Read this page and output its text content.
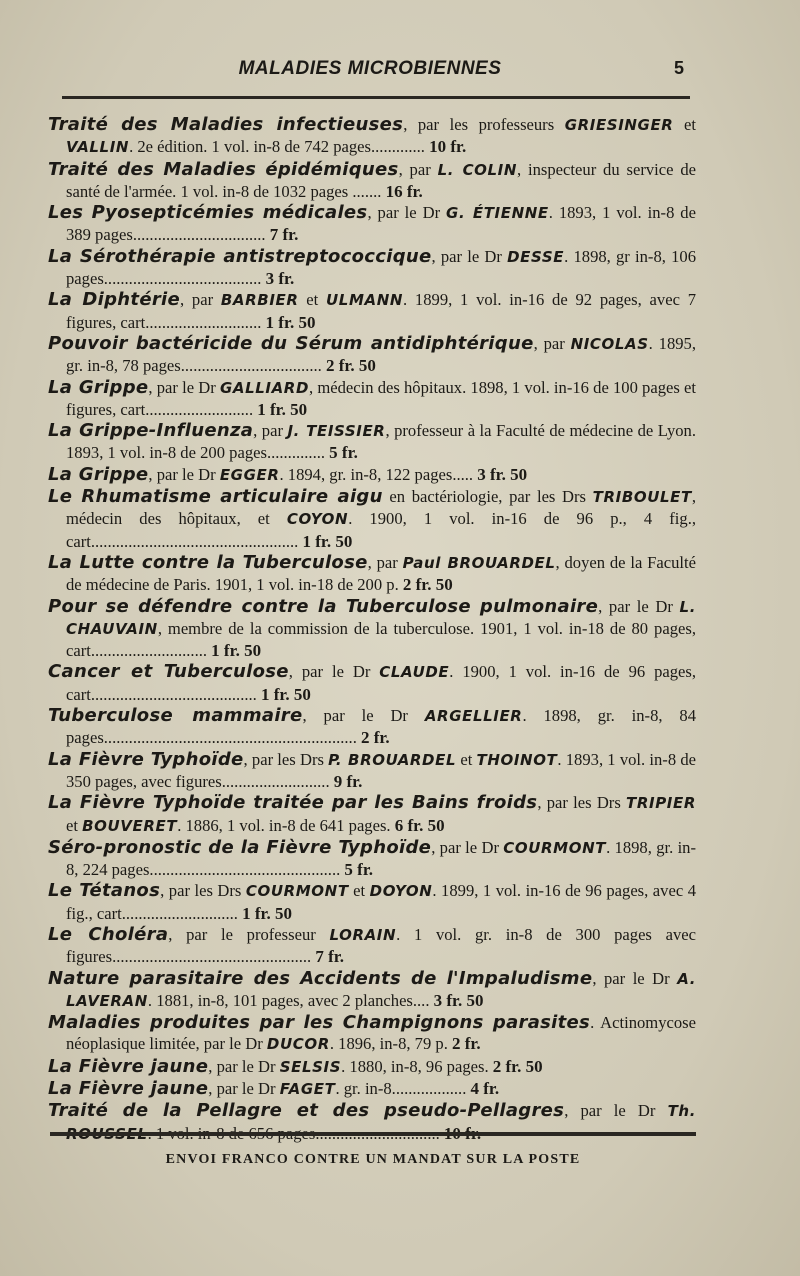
MALADIES MICROBIENNES	5

Traité des Maladies infectieuses, par les professeurs GRIESINGER et VALLIN. 2e édition. 1 vol. in-8 de 742 pages............. 10 fr.

Traité des Maladies épidémiques, par L. COLIN, inspecteur du service de santé de l'armée. 1 vol. in-8 de 1032 pages ....... 16 fr.

Les Pyosepticémies médicales, par le Dr G. ÉTIENNE. 1893, 1 vol. in-8 de 389 pages................................ 7 fr.

La Sérothérapie antistreptococcique, par le Dr DESSE. 1898, gr in-8, 106 pages...................................... 3 fr.

La Diphtérie, par BARBIER et ULMANN. 1899, 1 vol. in-16 de 92 pages, avec 7 figures, cart............................ 1 fr. 50

Pouvoir bactéricide du Sérum antidiphtérique, par NICOLAS. 1895, gr. in-8, 78 pages.................................. 2 fr. 50

La Grippe, par le Dr GALLIARD, médecin des hôpitaux. 1898, 1 vol. in-16 de 100 pages et figures, cart.......................... 1 fr. 50

La Grippe-Influenza, par J. TEISSIER, professeur à la Faculté de médecine de Lyon. 1893, 1 vol. in-8 de 200 pages.............. 5 fr.

La Grippe, par le Dr EGGER. 1894, gr. in-8, 122 pages..... 3 fr. 50

Le Rhumatisme articulaire aigu en bactériologie, par les Drs TRIBOULET, médecin des hôpitaux, et COYON. 1900, 1 vol. in-16 de 96 p., 4 fig., cart.................................................. 1 fr. 50

La Lutte contre la Tuberculose, par Paul BROUARDEL, doyen de la Faculté de médecine de Paris. 1901, 1 vol. in-18 de 200 p. 2 fr. 50

Pour se défendre contre la Tuberculose pulmonaire, par le Dr L. CHAUVAIN, membre de la commission de la tuberculose. 1901, 1 vol. in-18 de 80 pages, cart............................ 1 fr. 50

Cancer et Tuberculose, par le Dr CLAUDE. 1900, 1 vol. in-16 de 96 pages, cart........................................ 1 fr. 50

Tuberculose mammaire, par le Dr ARGELLIER. 1898, gr. in-8, 84 pages............................................................. 2 fr.

La Fièvre Typhoïde, par les Drs P. BROUARDEL et THOINOT. 1893, 1 vol. in-8 de 350 pages, avec figures.......................... 9 fr.

La Fièvre Typhoïde traitée par les Bains froids, par les Drs TRIPIER et BOUVERET. 1886, 1 vol. in-8 de 641 pages. 6 fr. 50

Séro-pronostic de la Fièvre Typhoïde, par le Dr COURMONT. 1898, gr. in-8, 224 pages.............................................. 5 fr.

Le Tétanos, par les Drs COURMONT et DOYON. 1899, 1 vol. in-16 de 96 pages, avec 4 fig., cart............................ 1 fr. 50

Le Choléra, par le professeur LORAIN. 1 vol. gr. in-8 de 300 pages avec figures................................................ 7 fr.

Nature parasitaire des Accidents de l'Impaludisme, par le Dr A. LAVERAN. 1881, in-8, 101 pages, avec 2 planches.... 3 fr. 50

Maladies produites par les Champignons parasites. Actinomycose néoplasique limitée, par le Dr DUCOR. 1896, in-8, 79 p. 2 fr.

La Fièvre jaune, par le Dr SELSIS. 1880, in-8, 96 pages. 2 fr. 50

La Fièvre jaune, par le Dr FAGET. gr. in-8.................. 4 fr.

Traité de la Pellagre et des pseudo-Pellagres, par le Dr Th.

ENVOI FRANCO CONTRE UN MANDAT SUR LA POSTE
